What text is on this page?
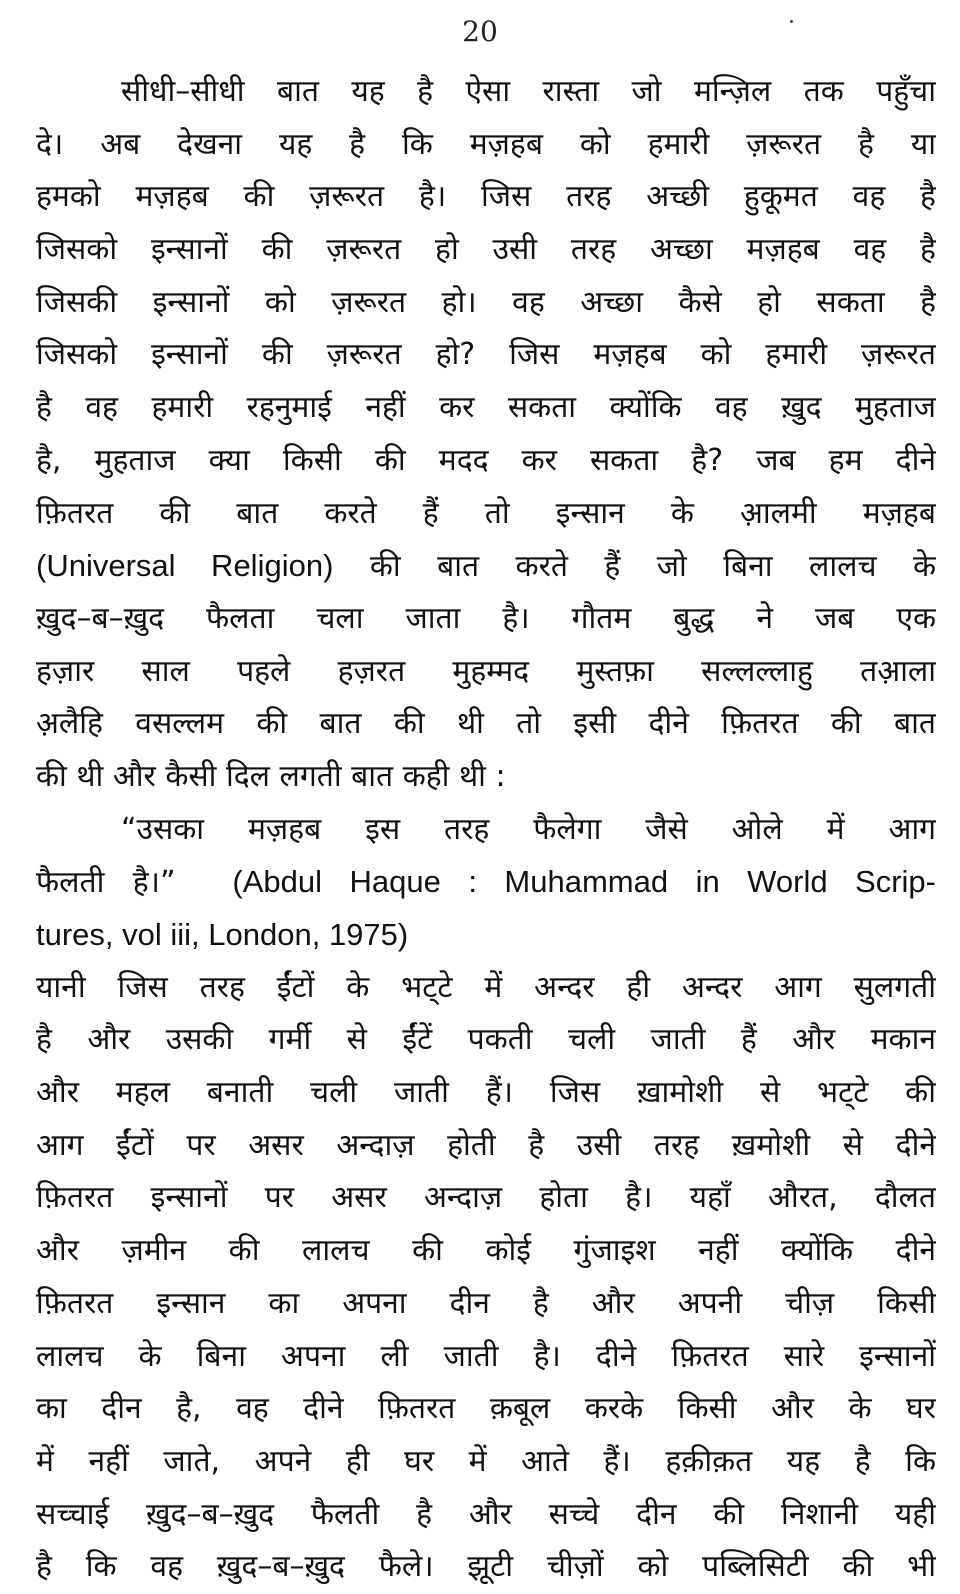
20
सीधी–सीधी बात यह है ऐसा रास्ता जो मन्ज़िल तक पहुँचा
दे। अब देखना यह है कि मज़हब को हमारी ज़रूरत है या
हमको मज़हब की ज़रूरत है। जिस तरह अच्छी हुकूमत वह है
जिसको इन्सानों की ज़रूरत हो उसी तरह अच्छा मज़हब वह है
जिसकी इन्सानों को ज़रूरत हो। वह अच्छा कैसे हो सकता है
जिसको इन्सानों की ज़रूरत हो? जिस मज़हब को हमारी ज़रूरत
है वह हमारी रहनुमाई नहीं कर सकता क्योंकि वह ख़ुद मुहताज
है, मुहताज क्या किसी की मदद कर सकता है? जब हम दीने
फ़ितरत की बात करते हैं तो इन्सान के आ़लमी मज़हब
(Universal Religion) की बात करते हैं जो बिना लालच के
ख़ुद–ब–ख़ुद फैलता चला जाता है। गौतम बुद्ध ने जब एक
हज़ार साल पहले हज़रत मुहम्मद मुस्तफ़ा सल्लल्लाहु तआ़ला
अ़लैहि वसल्लम की बात की थी तो इसी दीने फ़ितरत की बात
की थी और कैसी दिल लगती बात कही थी :
“उसका मज़हब इस तरह फैलेगा जैसे ओले में आग
फैलती है।” (Abdul Haque : Muhammad in World Scrip-
tures, vol iii, London, 1975)
यानी जिस तरह ईंटों के भट्‌टे में अन्दर ही अन्दर आग सुलगती
है और उसकी गर्मी से ईंटें पकती चली जाती हैं और मकान
और महल बनाती चली जाती हैं। जिस ख़ामोशी से भट्‌टे की
आग ईंटों पर असर अन्दाज़ होती है उसी तरह ख़मोशी से दीने
फ़ितरत इन्सानों पर असर अन्दाज़ होता है। यहाँ औरत, दौलत
और ज़मीन की लालच की कोई गुंजाइश नहीं क्योंकि दीने
फ़ितरत इन्सान का अपना दीन है और अपनी चीज़ किसी
लालच के बिना अपना ली जाती है। दीने फ़ितरत सारे इन्सानों
का दीन है, वह दीने फ़ितरत क़बूल करके किसी और के घर
में नहीं जाते, अपने ही घर में आते हैं। हक़ीक़त यह है कि
सच्चाई ख़ुद–ब–ख़ुद फैलती है और सच्चे दीन की निशानी यही
है कि वह ख़ुद–ब–ख़ुद फैले। झूटी चीज़ों को पब्लिसिटी की भी
